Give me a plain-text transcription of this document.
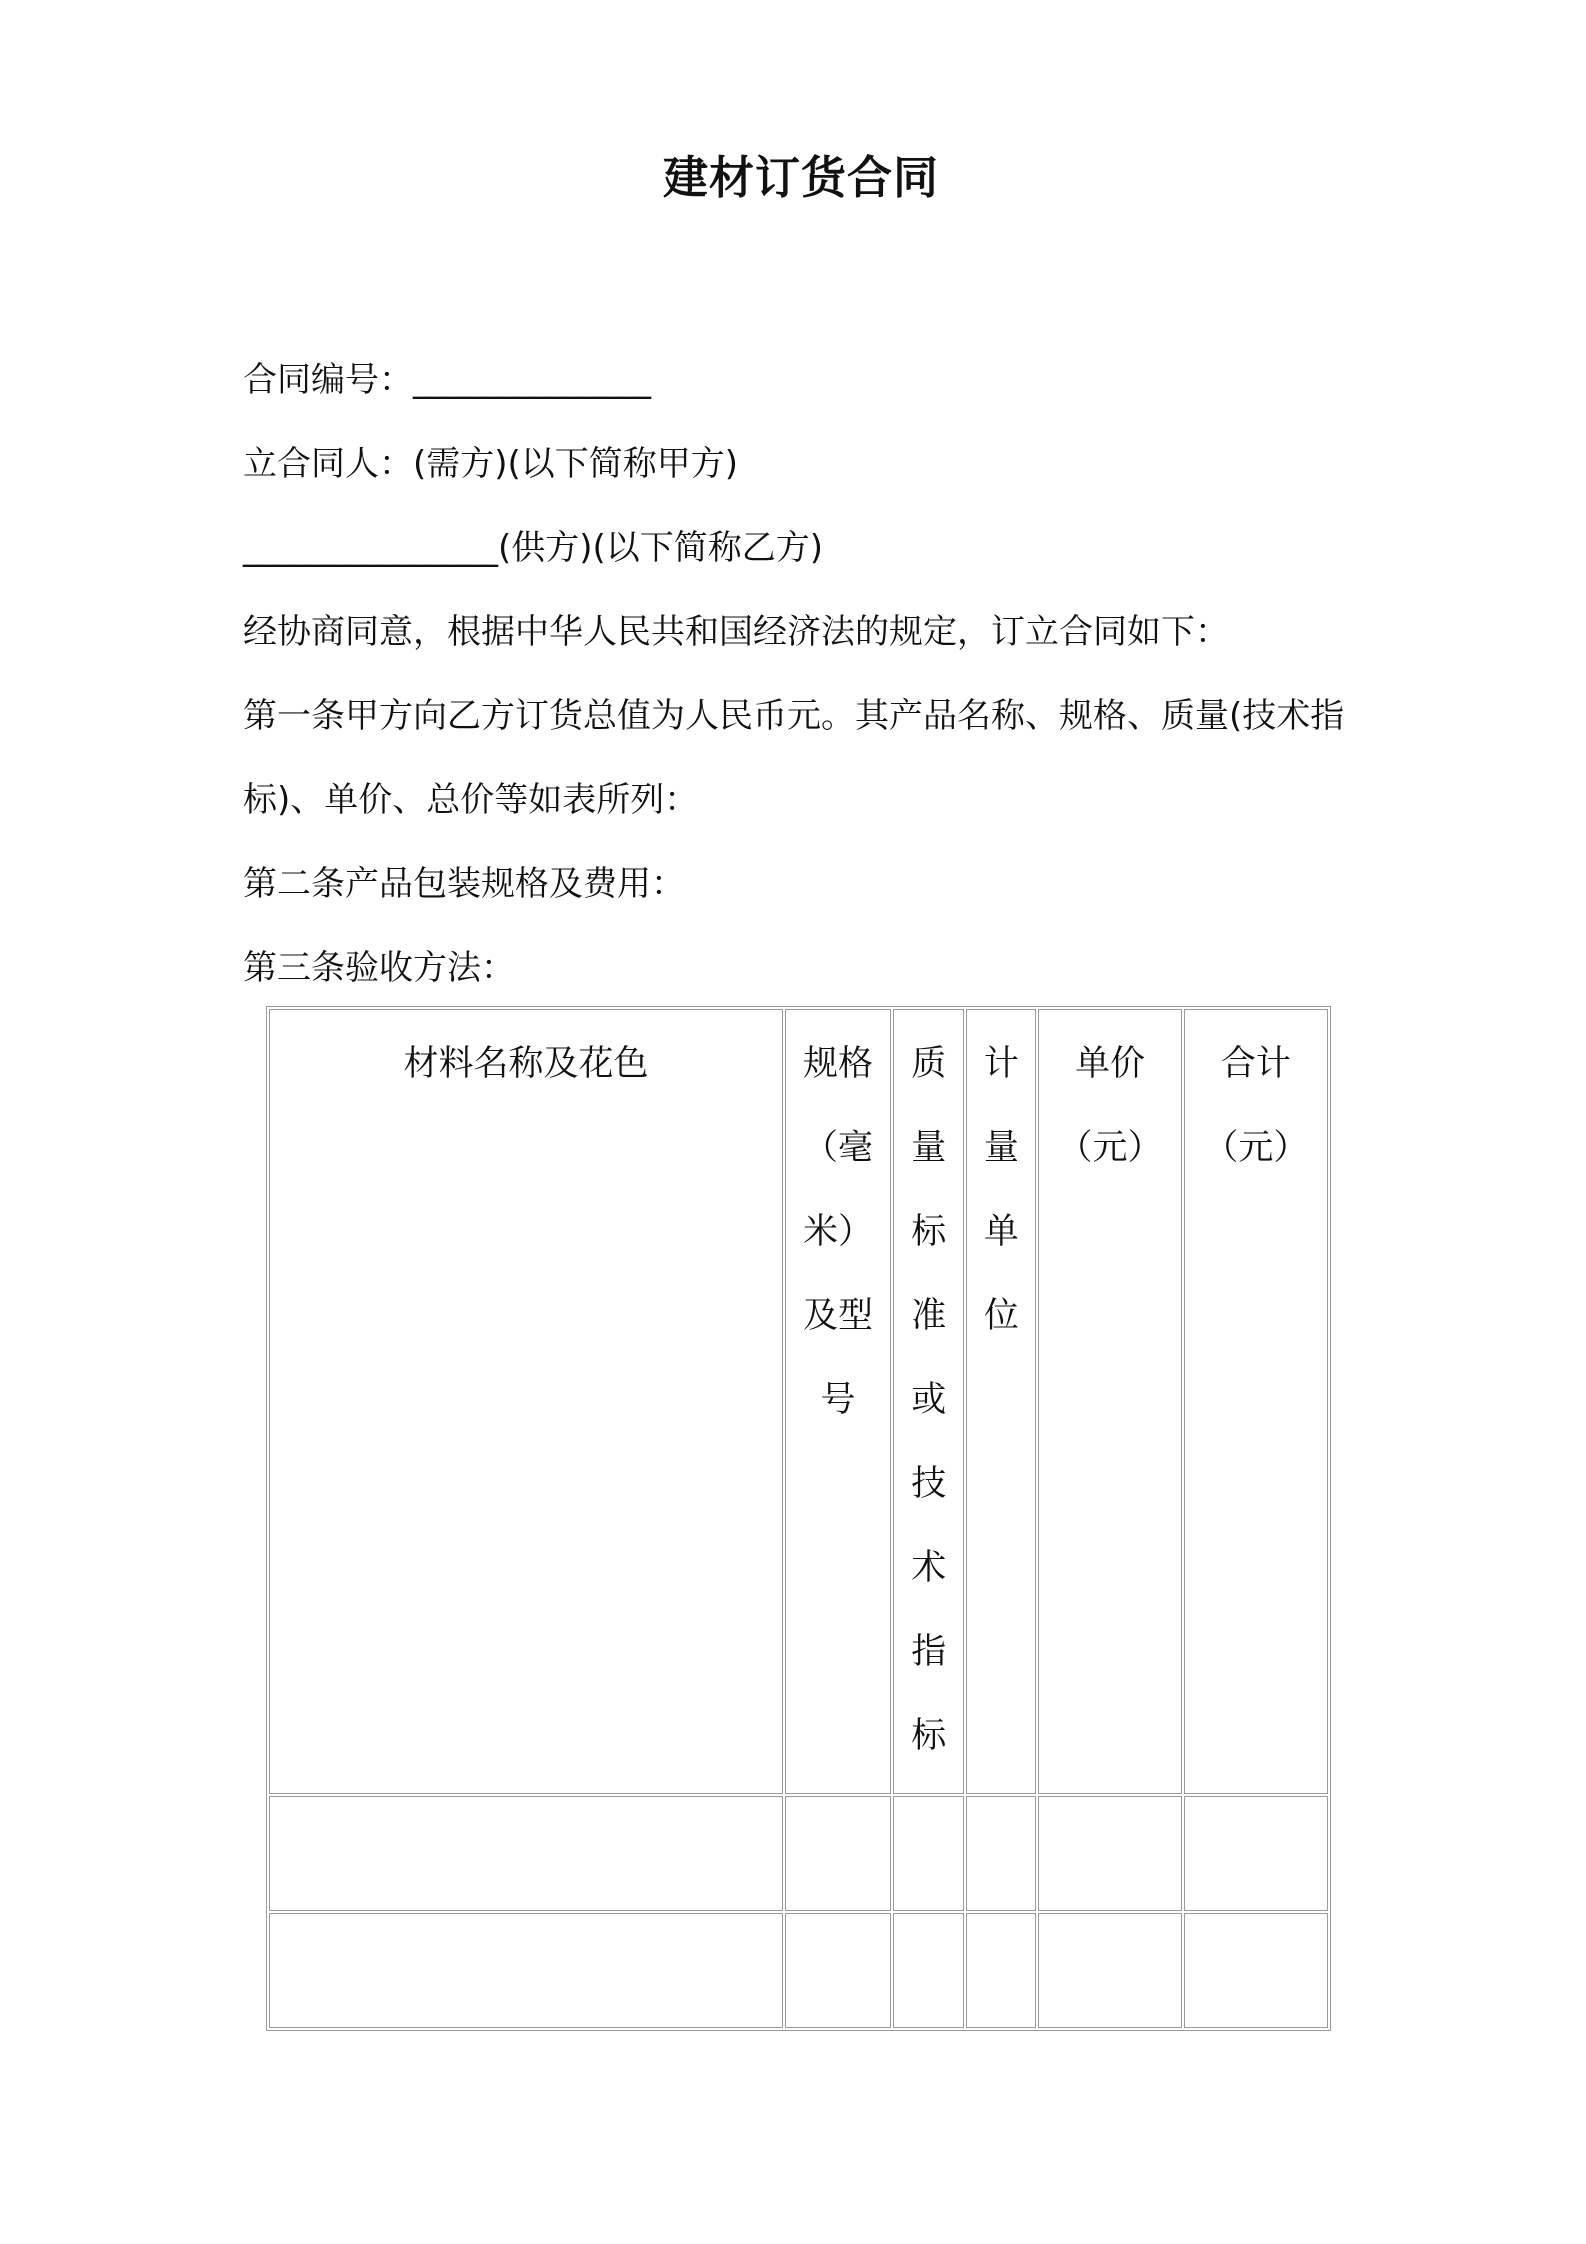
建材订货合同

合同编号：______________

立合同人：(需方)(以下简称甲方)

_______________(供方)(以下简称乙方)

经协商同意，根据中华人民共和国经济法的规定，订立合同如下：

第一条甲方向乙方订货总值为人民币元。其产品名称、规格、质量(技术指标)、单价、总价等如表所列：

第二条产品包装规格及费用：

第三条验收方法：

材料名称及花色	规格（毫米）及型号	质量标准或技术指标	计量单位	单价（元）	合计（元）
